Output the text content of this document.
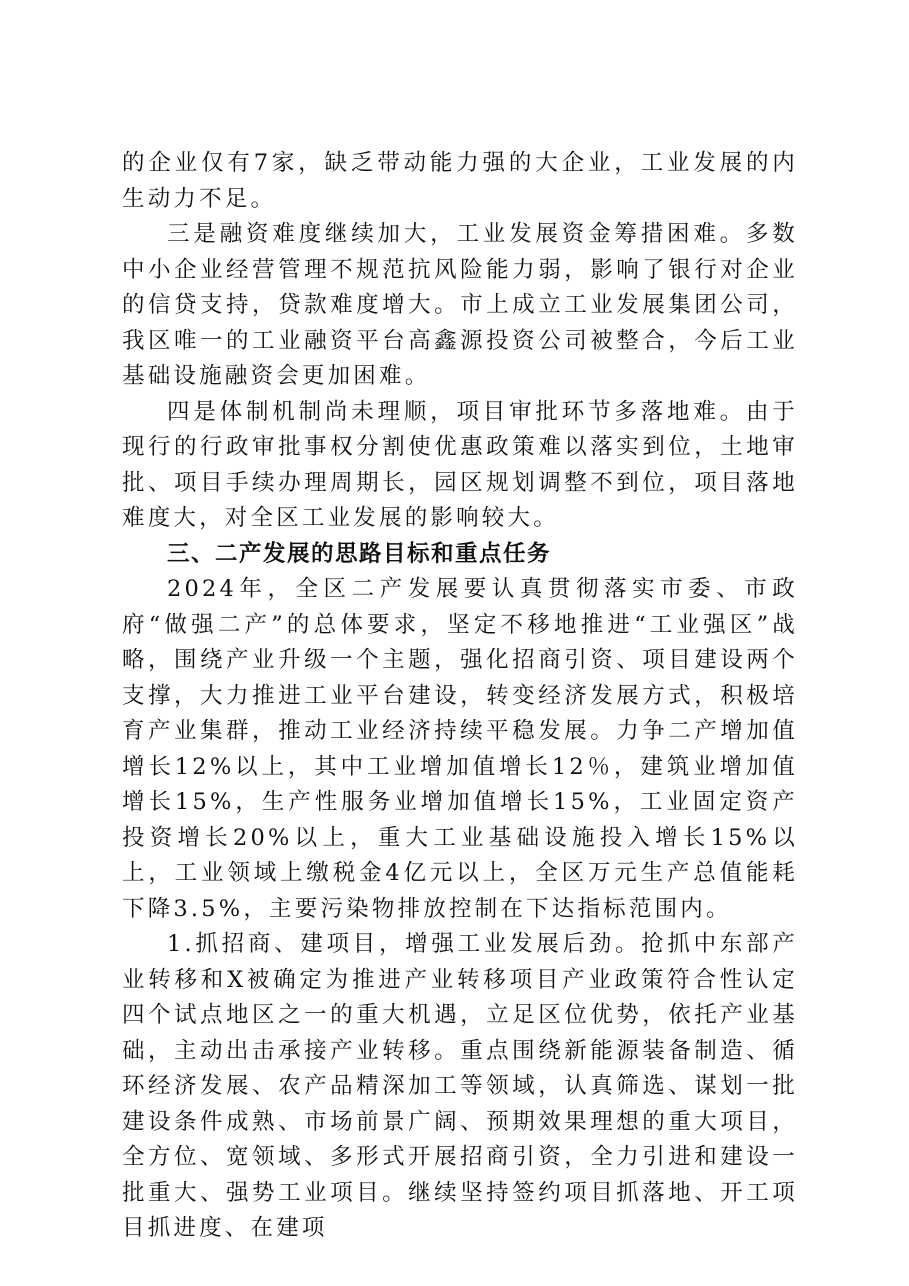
的企业仅有7家，缺乏带动能力强的大企业，工业发展的内生动力不足。

三是融资难度继续加大，工业发展资金筹措困难。多数中小企业经营管理不规范抗风险能力弱，影响了银行对企业的信贷支持，贷款难度增大。市上成立工业发展集团公司，我区唯一的工业融资平台高鑫源投资公司被整合，今后工业基础设施融资会更加困难。

四是体制机制尚未理顺，项目审批环节多落地难。由于现行的行政审批事权分割使优惠政策难以落实到位，土地审批、项目手续办理周期长，园区规划调整不到位，项目落地难度大，对全区工业发展的影响较大。

三、二产发展的思路目标和重点任务

2024年，全区二产发展要认真贯彻落实市委、市政府“做强二产”的总体要求，坚定不移地推进“工业强区”战略，围绕产业升级一个主题，强化招商引资、项目建设两个支撑，大力推进工业平台建设，转变经济发展方式，积极培育产业集群，推动工业经济持续平稳发展。力争二产增加值增长12%以上，其中工业增加值增长12％，建筑业增加值增长15%，生产性服务业增加值增长15%，工业固定资产投资增长20%以上，重大工业基础设施投入增长15%以上，工业领域上缴税金4亿元以上，全区万元生产总值能耗下降3.5%，主要污染物排放控制在下达指标范围内。

1.抓招商、建项目，增强工业发展后劲。抢抓中东部产业转移和X被确定为推进产业转移项目产业政策符合性认定四个试点地区之一的重大机遇，立足区位优势，依托产业基础，主动出击承接产业转移。重点围绕新能源装备制造、循环经济发展、农产品精深加工等领域，认真筛选、谋划一批建设条件成熟、市场前景广阔、预期效果理想的重大项目，全方位、宽领域、多形式开展招商引资，全力引进和建设一批重大、强势工业项目。继续坚持签约项目抓落地、开工项目抓进度、在建项
